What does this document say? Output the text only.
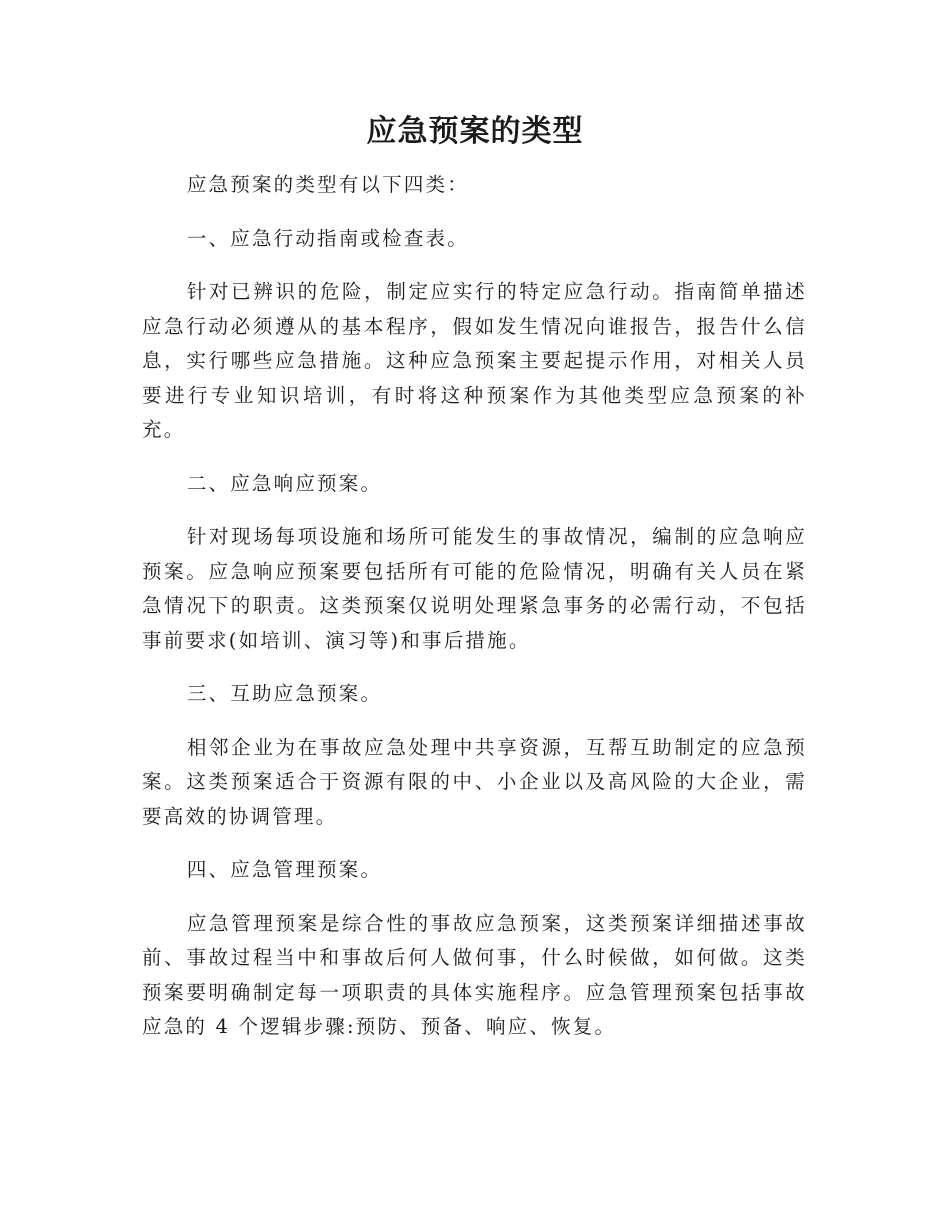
应急预案的类型

应急预案的类型有以下四类：

一、应急行动指南或检查表。

针对已辨识的危险，制定应实行的特定应急行动。指南简单描述应急行动必须遵从的基本程序，假如发生情况向谁报告，报告什么信息，实行哪些应急措施。这种应急预案主要起提示作用，对相关人员要进行专业知识培训，有时将这种预案作为其他类型应急预案的补充。

二、应急响应预案。

针对现场每项设施和场所可能发生的事故情况，编制的应急响应预案。应急响应预案要包括所有可能的危险情况，明确有关人员在紧急情况下的职责。这类预案仅说明处理紧急事务的必需行动，不包括事前要求(如培训、演习等)和事后措施。

三、互助应急预案。

相邻企业为在事故应急处理中共享资源，互帮互助制定的应急预案。这类预案适合于资源有限的中、小企业以及高风险的大企业，需要高效的协调管理。

四、应急管理预案。

应急管理预案是综合性的事故应急预案，这类预案详细描述事故前、事故过程当中和事故后何人做何事，什么时候做，如何做。这类预案要明确制定每一项职责的具体实施程序。应急管理预案包括事故应急的 4 个逻辑步骤:预防、预备、响应、恢复。
